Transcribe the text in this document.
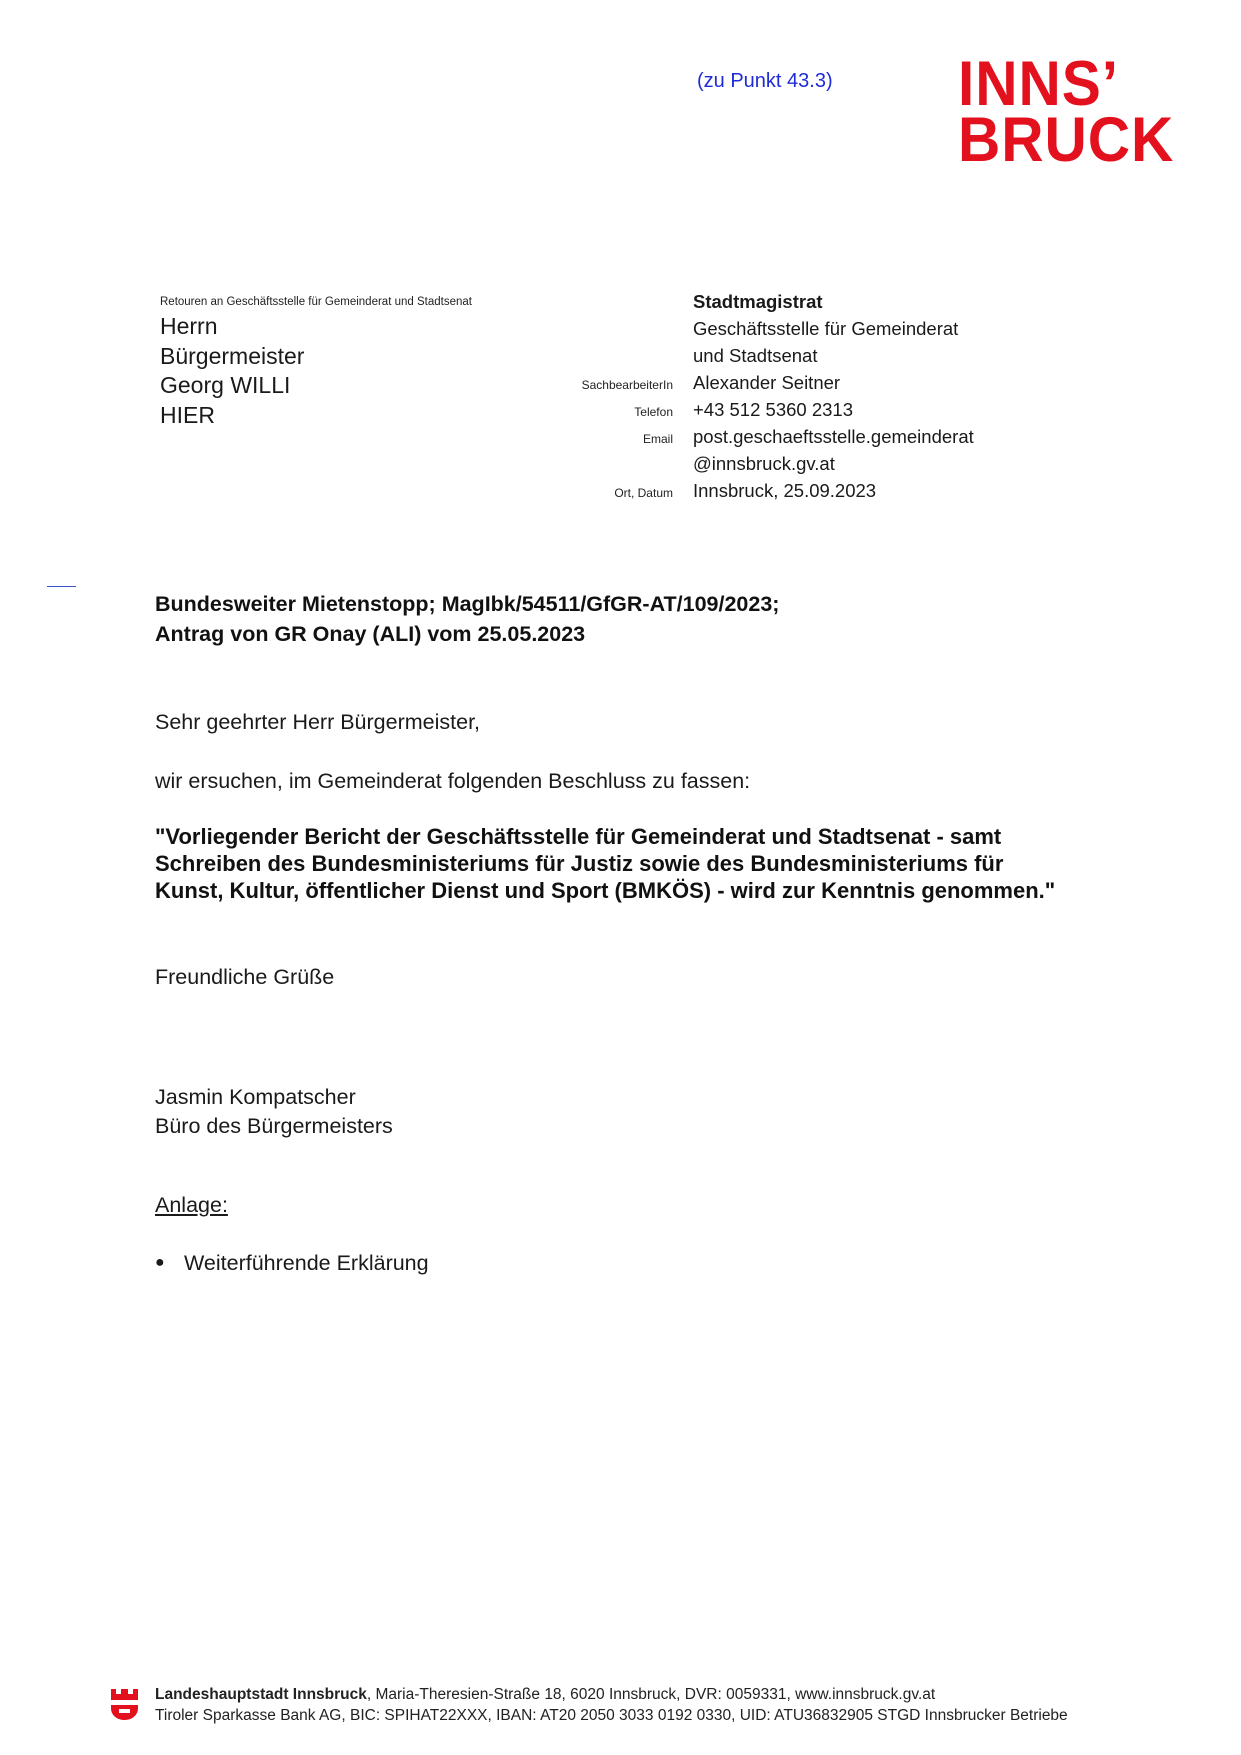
(zu Punkt 43.3) INNS’
BRUCK
Retouren an Geschäftsstelle für Gemeinderat und Stadtsenat
Herrn
Bürgermeister
Georg WILLI
HIER
SachbearbeiterIn
Telefon
Email
Ort, Datum
Stadtmagistrat
Geschäftsstelle für Gemeinderat
und Stadtsenat
Alexander Seitner
+43 512 5360 2313
post.geschaeftsstelle.gemeinderat
@innsbruck.gv.at
Innsbruck, 25.09.2023
Bundesweiter Mietenstopp; MagIbk/54511/GfGR-AT/109/2023;
Antrag von GR Onay (ALI) vom 25.05.2023
Sehr geehrter Herr Bürgermeister,
wir ersuchen, im Gemeinderat folgenden Beschluss zu fassen:
"Vorliegender Bericht der Geschäftsstelle für Gemeinderat und Stadtsenat - samt
Schreiben des Bundesministeriums für Justiz sowie des Bundesministeriums für
Kunst, Kultur, öffentlicher Dienst und Sport (BMKÖS) - wird zur Kenntnis genommen."
Freundliche Grüße
Jasmin Kompatscher
Büro des Bürgermeisters
Anlage:
● Weiterführende Erklärung
Landeshauptstadt Innsbruck, Maria-Theresien-Straße 18, 6020 Innsbruck, DVR: 0059331, www.innsbruck.gv.at
Tiroler Sparkasse Bank AG, BIC: SPIHAT22XXX, IBAN: AT20 2050 3033 0192 0330, UID: ATU36832905 STGD Innsbrucker Betriebe
